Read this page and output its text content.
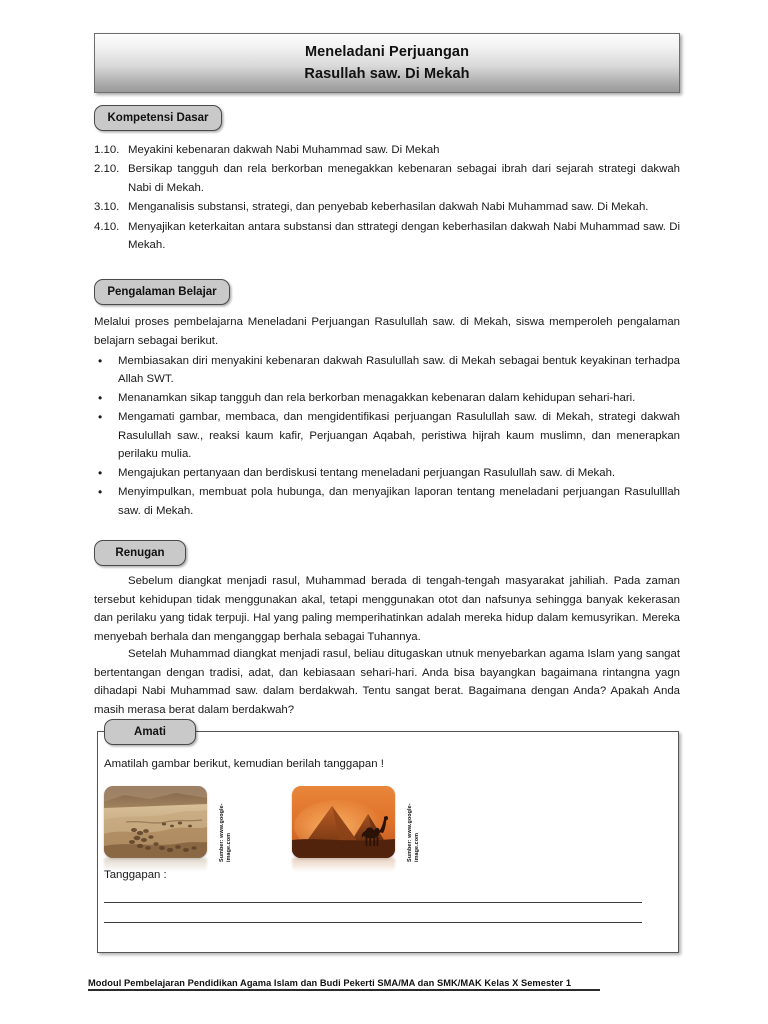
Meneladani Perjuangan
Rasullah saw. Di Mekah
Kompetensi Dasar
1.10. Meyakini kebenaran dakwah Nabi Muhammad saw. Di Mekah
2.10. Bersikap tangguh dan rela berkorban menegakkan kebenaran sebagai ibrah dari sejarah strategi dakwah Nabi di Mekah.
3.10. Menganalisis substansi, strategi, dan penyebab keberhasilan dakwah Nabi Muhammad saw. Di Mekah.
4.10. Menyajikan keterkaitan antara substansi dan sttrategi dengan keberhasilan dakwah Nabi Muhammad saw. Di Mekah.
Pengalaman Belajar
Melalui proses pembelajarna Meneladani Perjuangan Rasulullah saw. di Mekah, siswa memperoleh pengalaman belajarn sebagai berikut.
•	Membiasakan diri menyakini kebenaran dakwah Rasulullah saw. di Mekah sebagai bentuk keyakinan terhadpa Allah SWT.
•	Menanamkan sikap tangguh dan rela berkorban menagakkan kebenaran dalam kehidupan sehari-hari.
•	Mengamati gambar, membaca, dan mengidentifikasi perjuangan Rasulullah saw. di Mekah, strategi dakwah Rasulullah saw., reaksi kaum kafir, Perjuangan Aqabah, peristiwa hijrah kaum muslimn, dan menerapkan perilaku mulia.
•	Mengajukan pertanyaan dan berdiskusi tentang meneladani perjuangan Rasulullah saw. di Mekah.
•	Menyimpulkan, membuat pola hubunga, dan menyajikan laporan tentang meneladani perjuangan Rasululllah saw. di Mekah.
Renugan
Sebelum diangkat menjadi rasul, Muhammad berada di tengah-tengah masyarakat jahiliah. Pada zaman tersebut kehidupan tidak menggunakan akal, tetapi menggunakan otot dan nafsunya sehingga banyak kekerasan dan perilaku yang tidak terpuji. Hal yang paling memperihatinkan adalah mereka hidup dalam kemusyrikan. Mereka menyebah berhala dan menganggap berhala sebagai Tuhannya.
Setelah Muhammad diangkat menjadi rasul, beliau ditugaskan utnuk menyebarkan agama Islam yang sangat bertentangan dengan tradisi, adat, dan kebiasaan sehari-hari. Anda bisa bayangkan bagaimana rintangna yagn dihadapi Nabi Muhammad saw. dalam berdakwah. Tentu sangat berat. Bagaimana dengan Anda? Apakah Anda masih merasa berat dalam berdakwah?
Amati
Amatilah gambar berikut, kemudian berilah tanggapan !
Sumber: www.google-image.com	Sumber: www.google-image.com
Tanggapan :
Modoul Pembelajaran Pendidikan Agama Islam dan Budi Pekerti SMA/MA dan SMK/MAK Kelas X Semester 1
